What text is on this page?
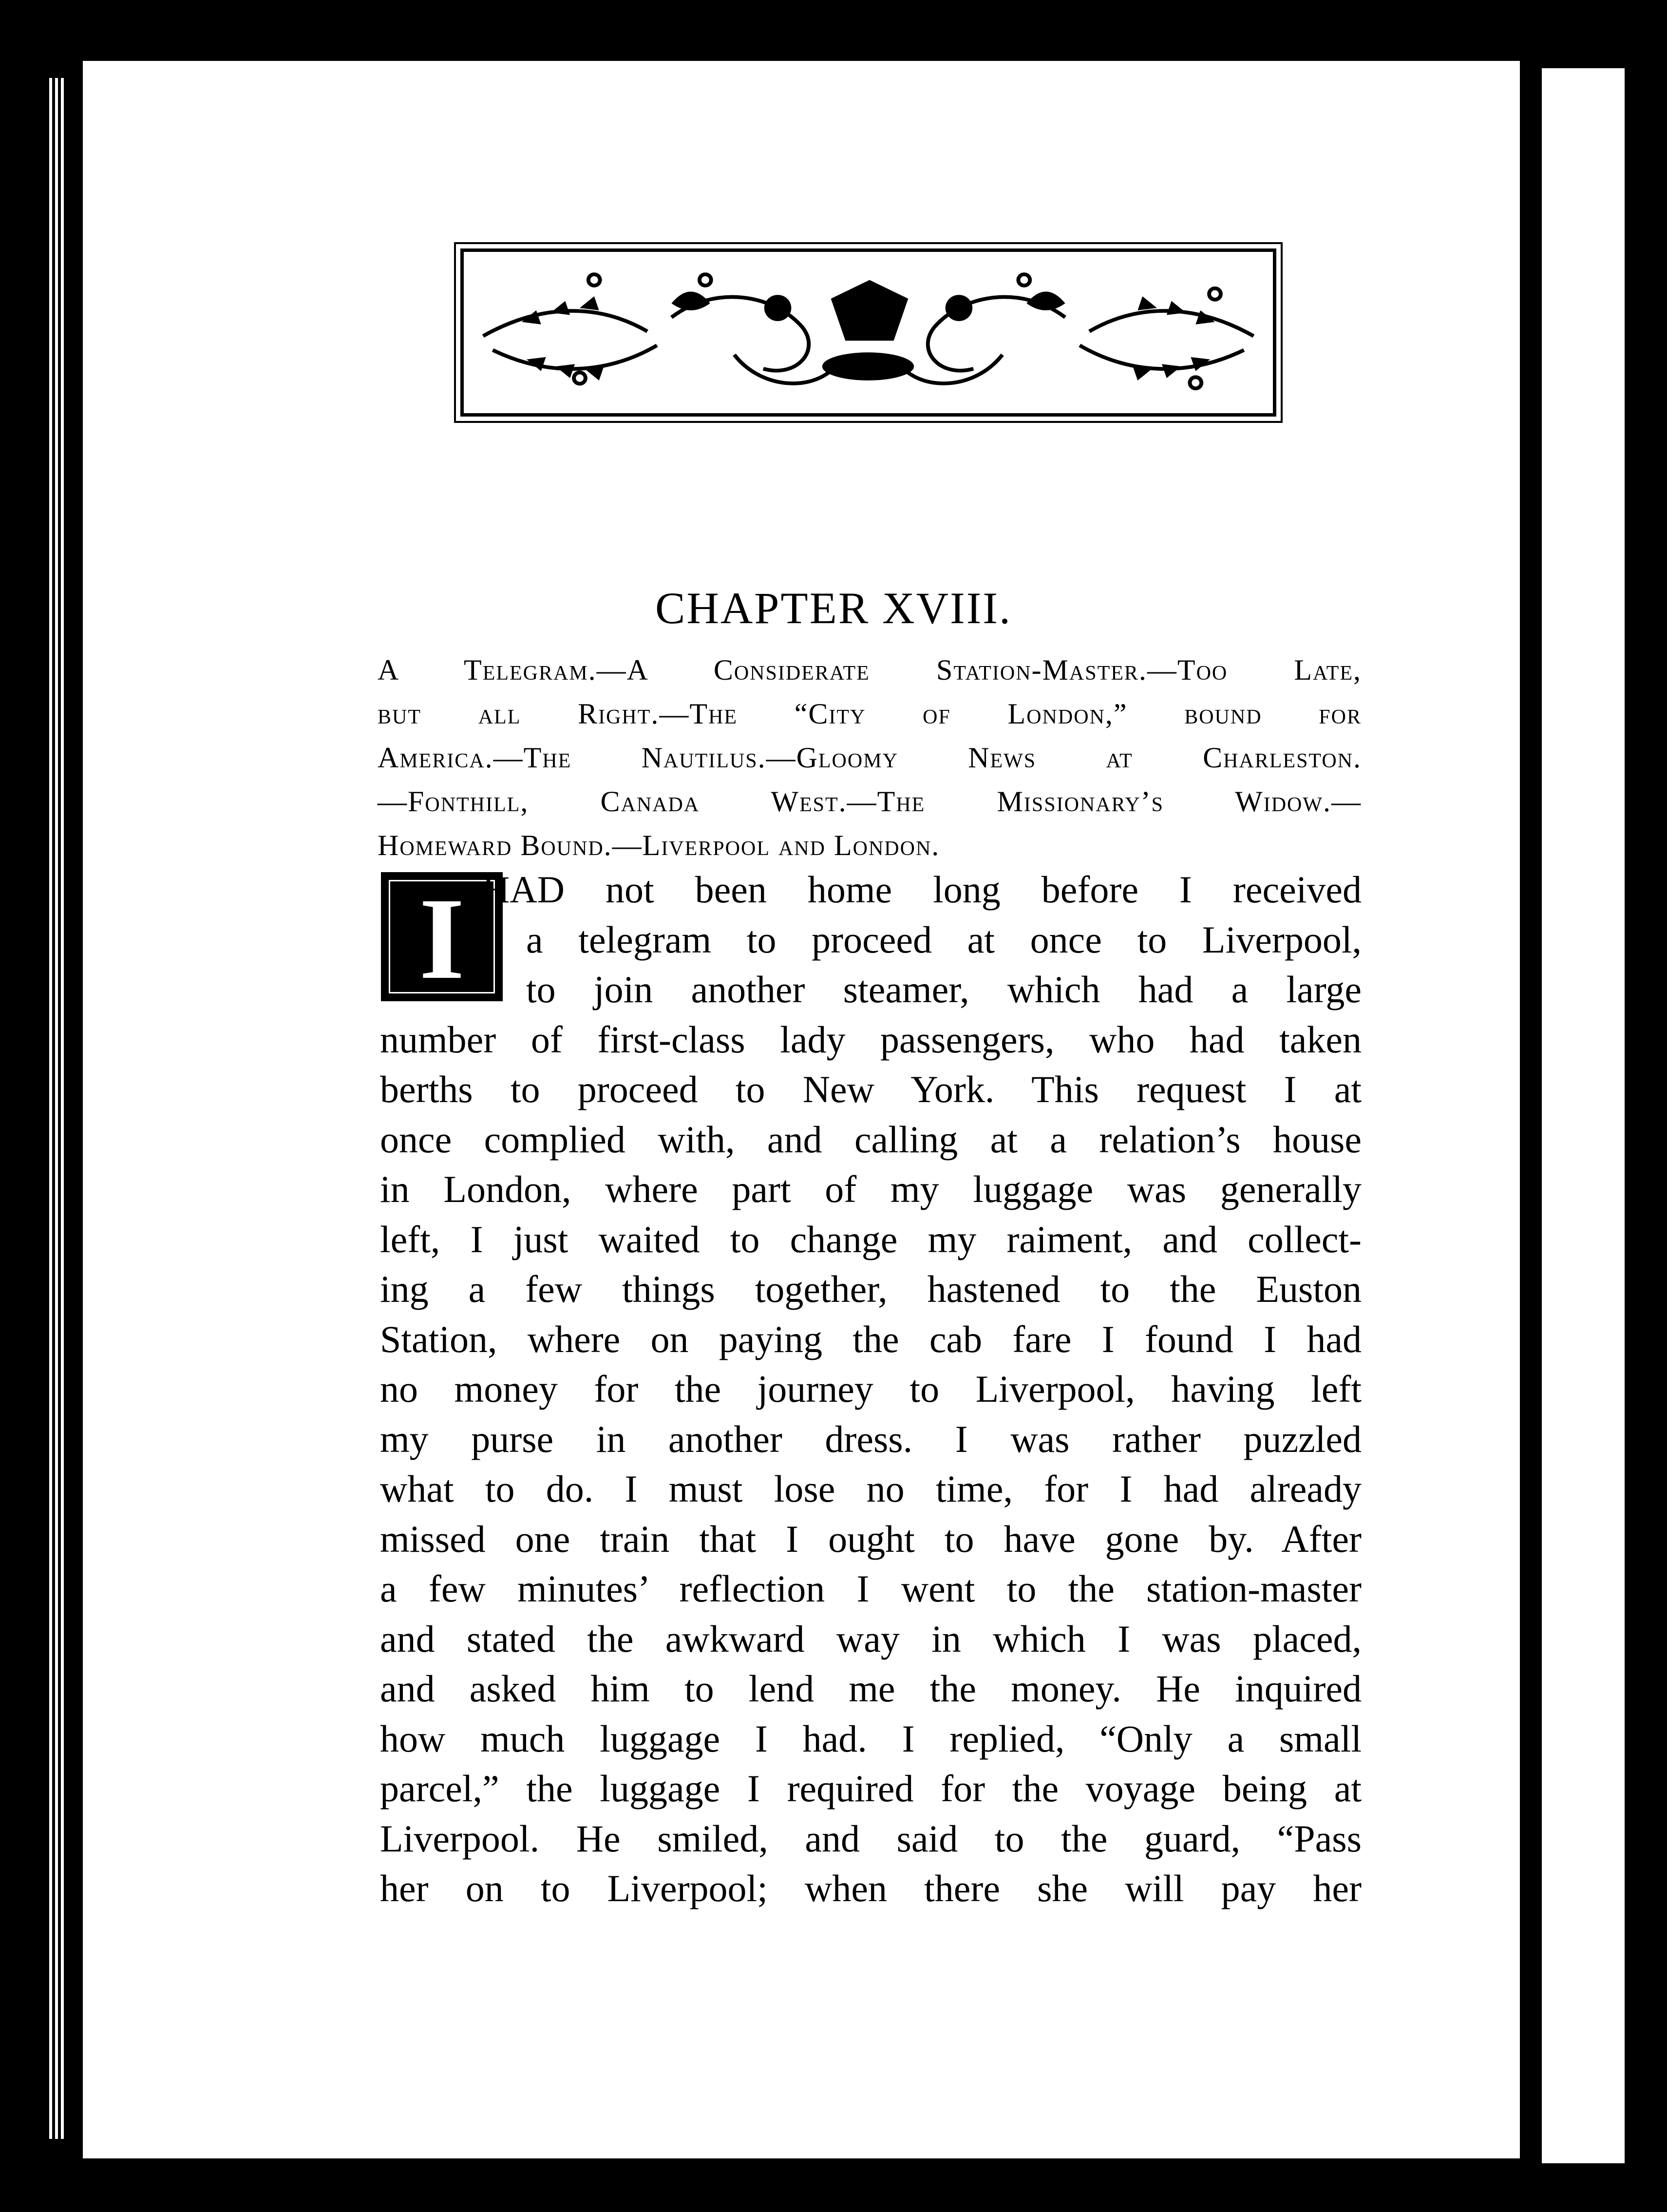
CHAPTER XVIII.
A Telegram.—A Considerate Station-Master.—Too Late,
but all Right.—The “City of London,” bound for
America.—The Nautilus.—Gloomy News at Charleston.
—Fonthill, Canada West.—The Missionary’s Widow.—
Homeward Bound.—Liverpool and London.
I HAD not been home long before I received
a telegram to proceed at once to Liverpool,
to join another steamer, which had a large
number of first-class lady passengers, who had taken
berths to proceed to New York. This request I at
once complied with, and calling at a relation’s house
in London, where part of my luggage was generally
left, I just waited to change my raiment, and collect-
ing a few things together, hastened to the Euston
Station, where on paying the cab fare I found I had
no money for the journey to Liverpool, having left
my purse in another dress. I was rather puzzled
what to do. I must lose no time, for I had already
missed one train that I ought to have gone by. After
a few minutes’ reflection I went to the station-master
and stated the awkward way in which I was placed,
and asked him to lend me the money. He inquired
how much luggage I had. I replied, “Only a small
parcel,” the luggage I required for the voyage being at
Liverpool. He smiled, and said to the guard, “Pass
her on to Liverpool; when there she will pay her
